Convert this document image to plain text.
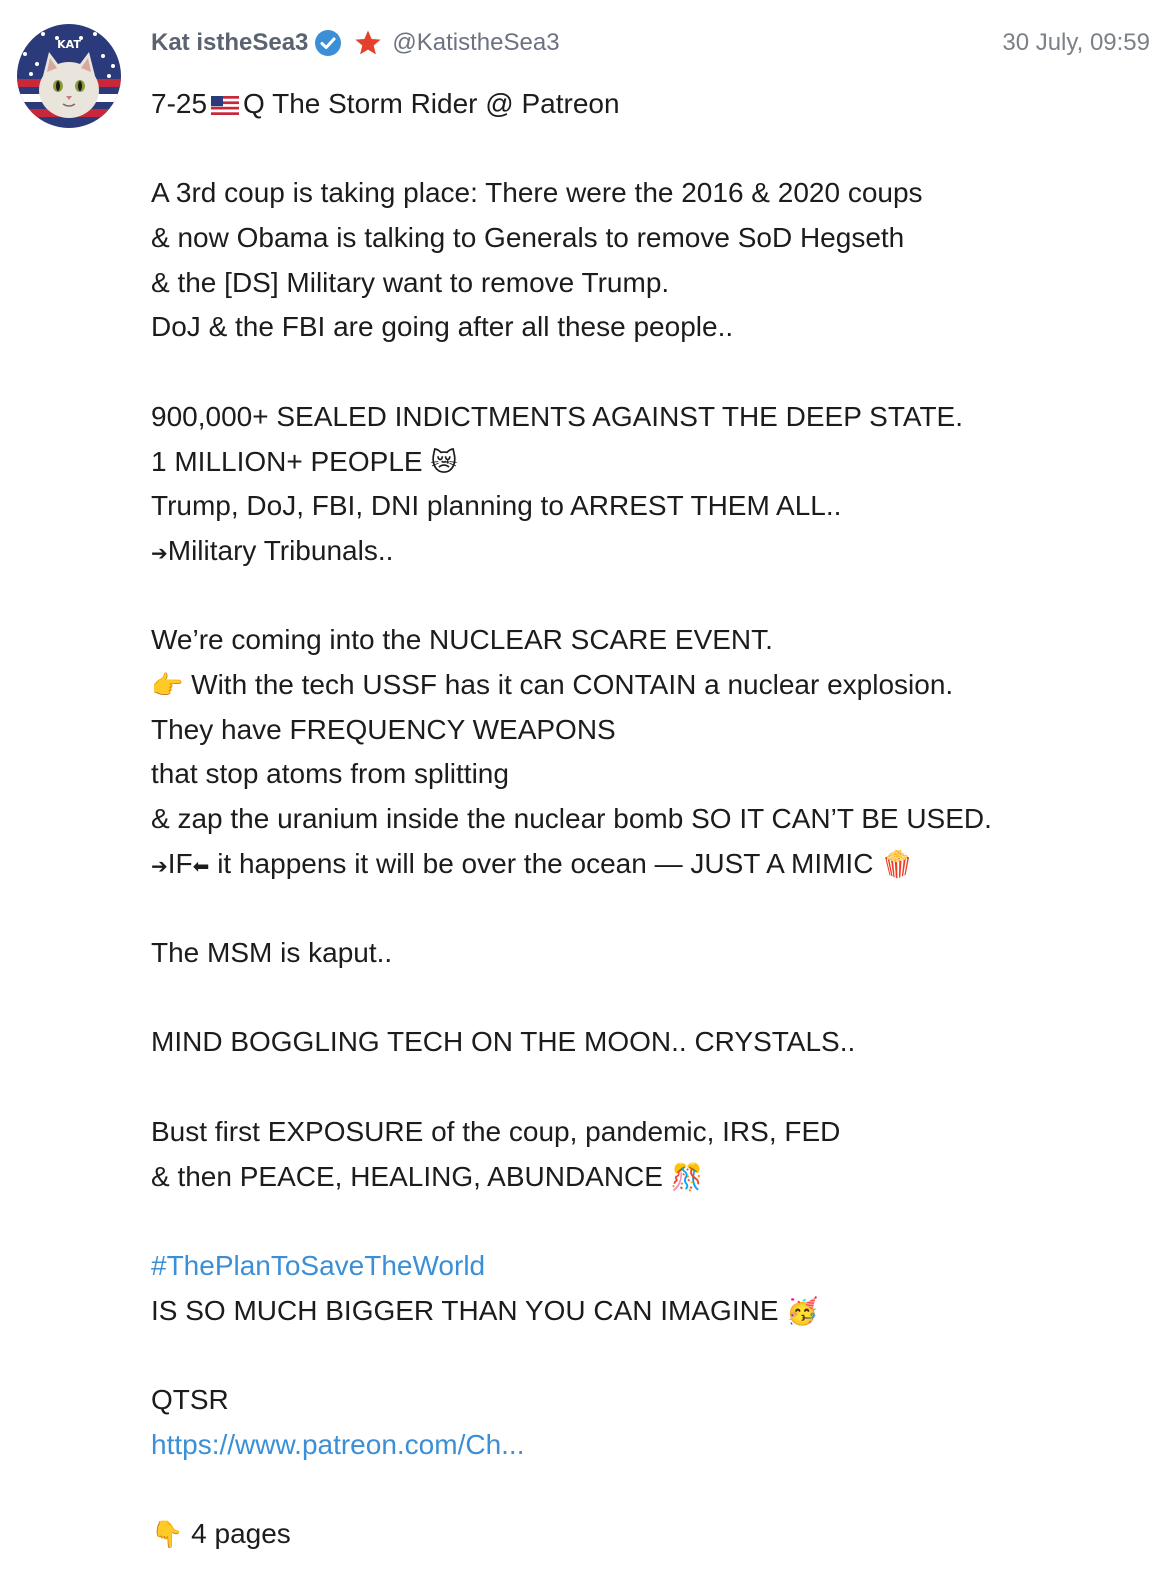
KAT	Kat istheSea3	@KatistheSea3	30 July, 09:59
7-25 Q The Storm Rider @ Patreon
A 3rd coup is taking place: There were the 2016 & 2020 coups
& now Obama is talking to Generals to remove SoD Hegseth
& the [DS] Military want to remove Trump.
DoJ & the FBI are going after all these people..
900,000+ SEALED INDICTMENTS AGAINST THE DEEP STATE.
1 MILLION+ PEOPLE 😿
Trump, DoJ, FBI, DNI planning to ARREST THEM ALL..
➔Military Tribunals..
We’re coming into the NUCLEAR SCARE EVENT.
👉 With the tech USSF has it can CONTAIN a nuclear explosion.
They have FREQUENCY WEAPONS
that stop atoms from splitting
& zap the uranium inside the nuclear bomb SO IT CAN’T BE USED.
➔IF⬅ it happens it will be over the ocean — JUST A MIMIC 🍿
The MSM is kaput..
MIND BOGGLING TECH ON THE MOON.. CRYSTALS..
Bust first EXPOSURE of the coup, pandemic, IRS, FED
& then PEACE, HEALING, ABUNDANCE 🎊
#ThePlanToSaveTheWorld
IS SO MUCH BIGGER THAN YOU CAN IMAGINE 🥳
QTSR
https://www.patreon.com/Ch...
👇 4 pages
